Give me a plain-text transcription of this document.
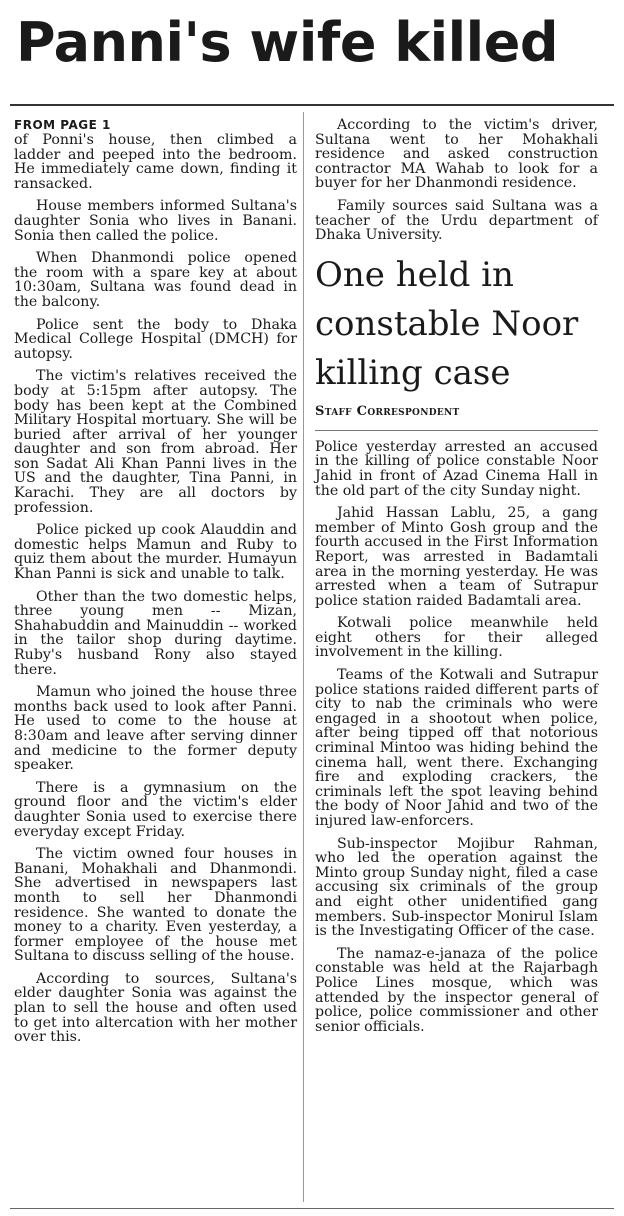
Panni's wife killed
FROM PAGE 1

of Ponni's house, then climbed a ladder and peeped into the bedroom. He immediately came down, finding it ransacked.

House members informed Sultana's daughter Sonia who lives in Banani. Sonia then called the police.

When Dhanmondi police opened the room with a spare key at about 10:30am, Sultana was found dead in the balcony.

Police sent the body to Dhaka Medical College Hospital (DMCH) for autopsy.

The victim's relatives received the body at 5:15pm after autopsy. The body has been kept at the Combined Military Hospital mortuary. She will be buried after arrival of her younger daughter and son from abroad. Her son Sadat Ali Khan Panni lives in the US and the daughter, Tina Panni, in Karachi. They are all doctors by profession.

Police picked up cook Alauddin and domestic helps Mamun and Ruby to quiz them about the murder. Humayun Khan Panni is sick and unable to talk.

Other than the two domestic helps, three young men -- Mizan, Shahabuddin and Mainuddin -- worked in the tailor shop during daytime. Ruby's husband Rony also stayed there.

Mamun who joined the house three months back used to look after Panni. He used to come to the house at 8:30am and leave after serving dinner and medicine to the former deputy speaker.

There is a gymnasium on the ground floor and the victim's elder daughter Sonia used to exercise there everyday except Friday.

The victim owned four houses in Banani, Mohakhali and Dhanmondi. She advertised in newspapers last month to sell her Dhanmondi residence. She wanted to donate the money to a charity. Even yesterday, a former employee of the house met Sultana to discuss selling of the house.

According to sources, Sultana's elder daughter Sonia was against the plan to sell the house and often used to get into altercation with her mother over this.

According to the victim's driver, Sultana went to her Mohakhali residence and asked construction contractor MA Wahab to look for a buyer for her Dhanmondi residence.

Family sources said Sultana was a teacher of the Urdu department of Dhaka University.

One held in constable Noor killing case
Staff Correspondent

Police yesterday arrested an accused in the killing of police constable Noor Jahid in front of Azad Cinema Hall in the old part of the city Sunday night.

Jahid Hassan Lablu, 25, a gang member of Minto Gosh group and the fourth accused in the First Information Report, was arrested in Badamtali area in the morning yesterday. He was arrested when a team of Sutrapur police station raided Badamtali area.

Kotwali police meanwhile held eight others for their alleged involvement in the killing.

Teams of the Kotwali and Sutrapur police stations raided different parts of city to nab the criminals who were engaged in a shootout when police, after being tipped off that notorious criminal Mintoo was hiding behind the cinema hall, went there. Exchanging fire and exploding crackers, the criminals left the spot leaving behind the body of Noor Jahid and two of the injured law-enforcers.

Sub-inspector Mojibur Rahman, who led the operation against the Minto group Sunday night, filed a case accusing six criminals of the group and eight other unidentified gang members. Sub-inspector Monirul Islam is the Investigating Officer of the case.

The namaz-e-janaza of the police constable was held at the Rajarbagh Police Lines mosque, which was attended by the inspector general of police, police commissioner and other senior officials.
